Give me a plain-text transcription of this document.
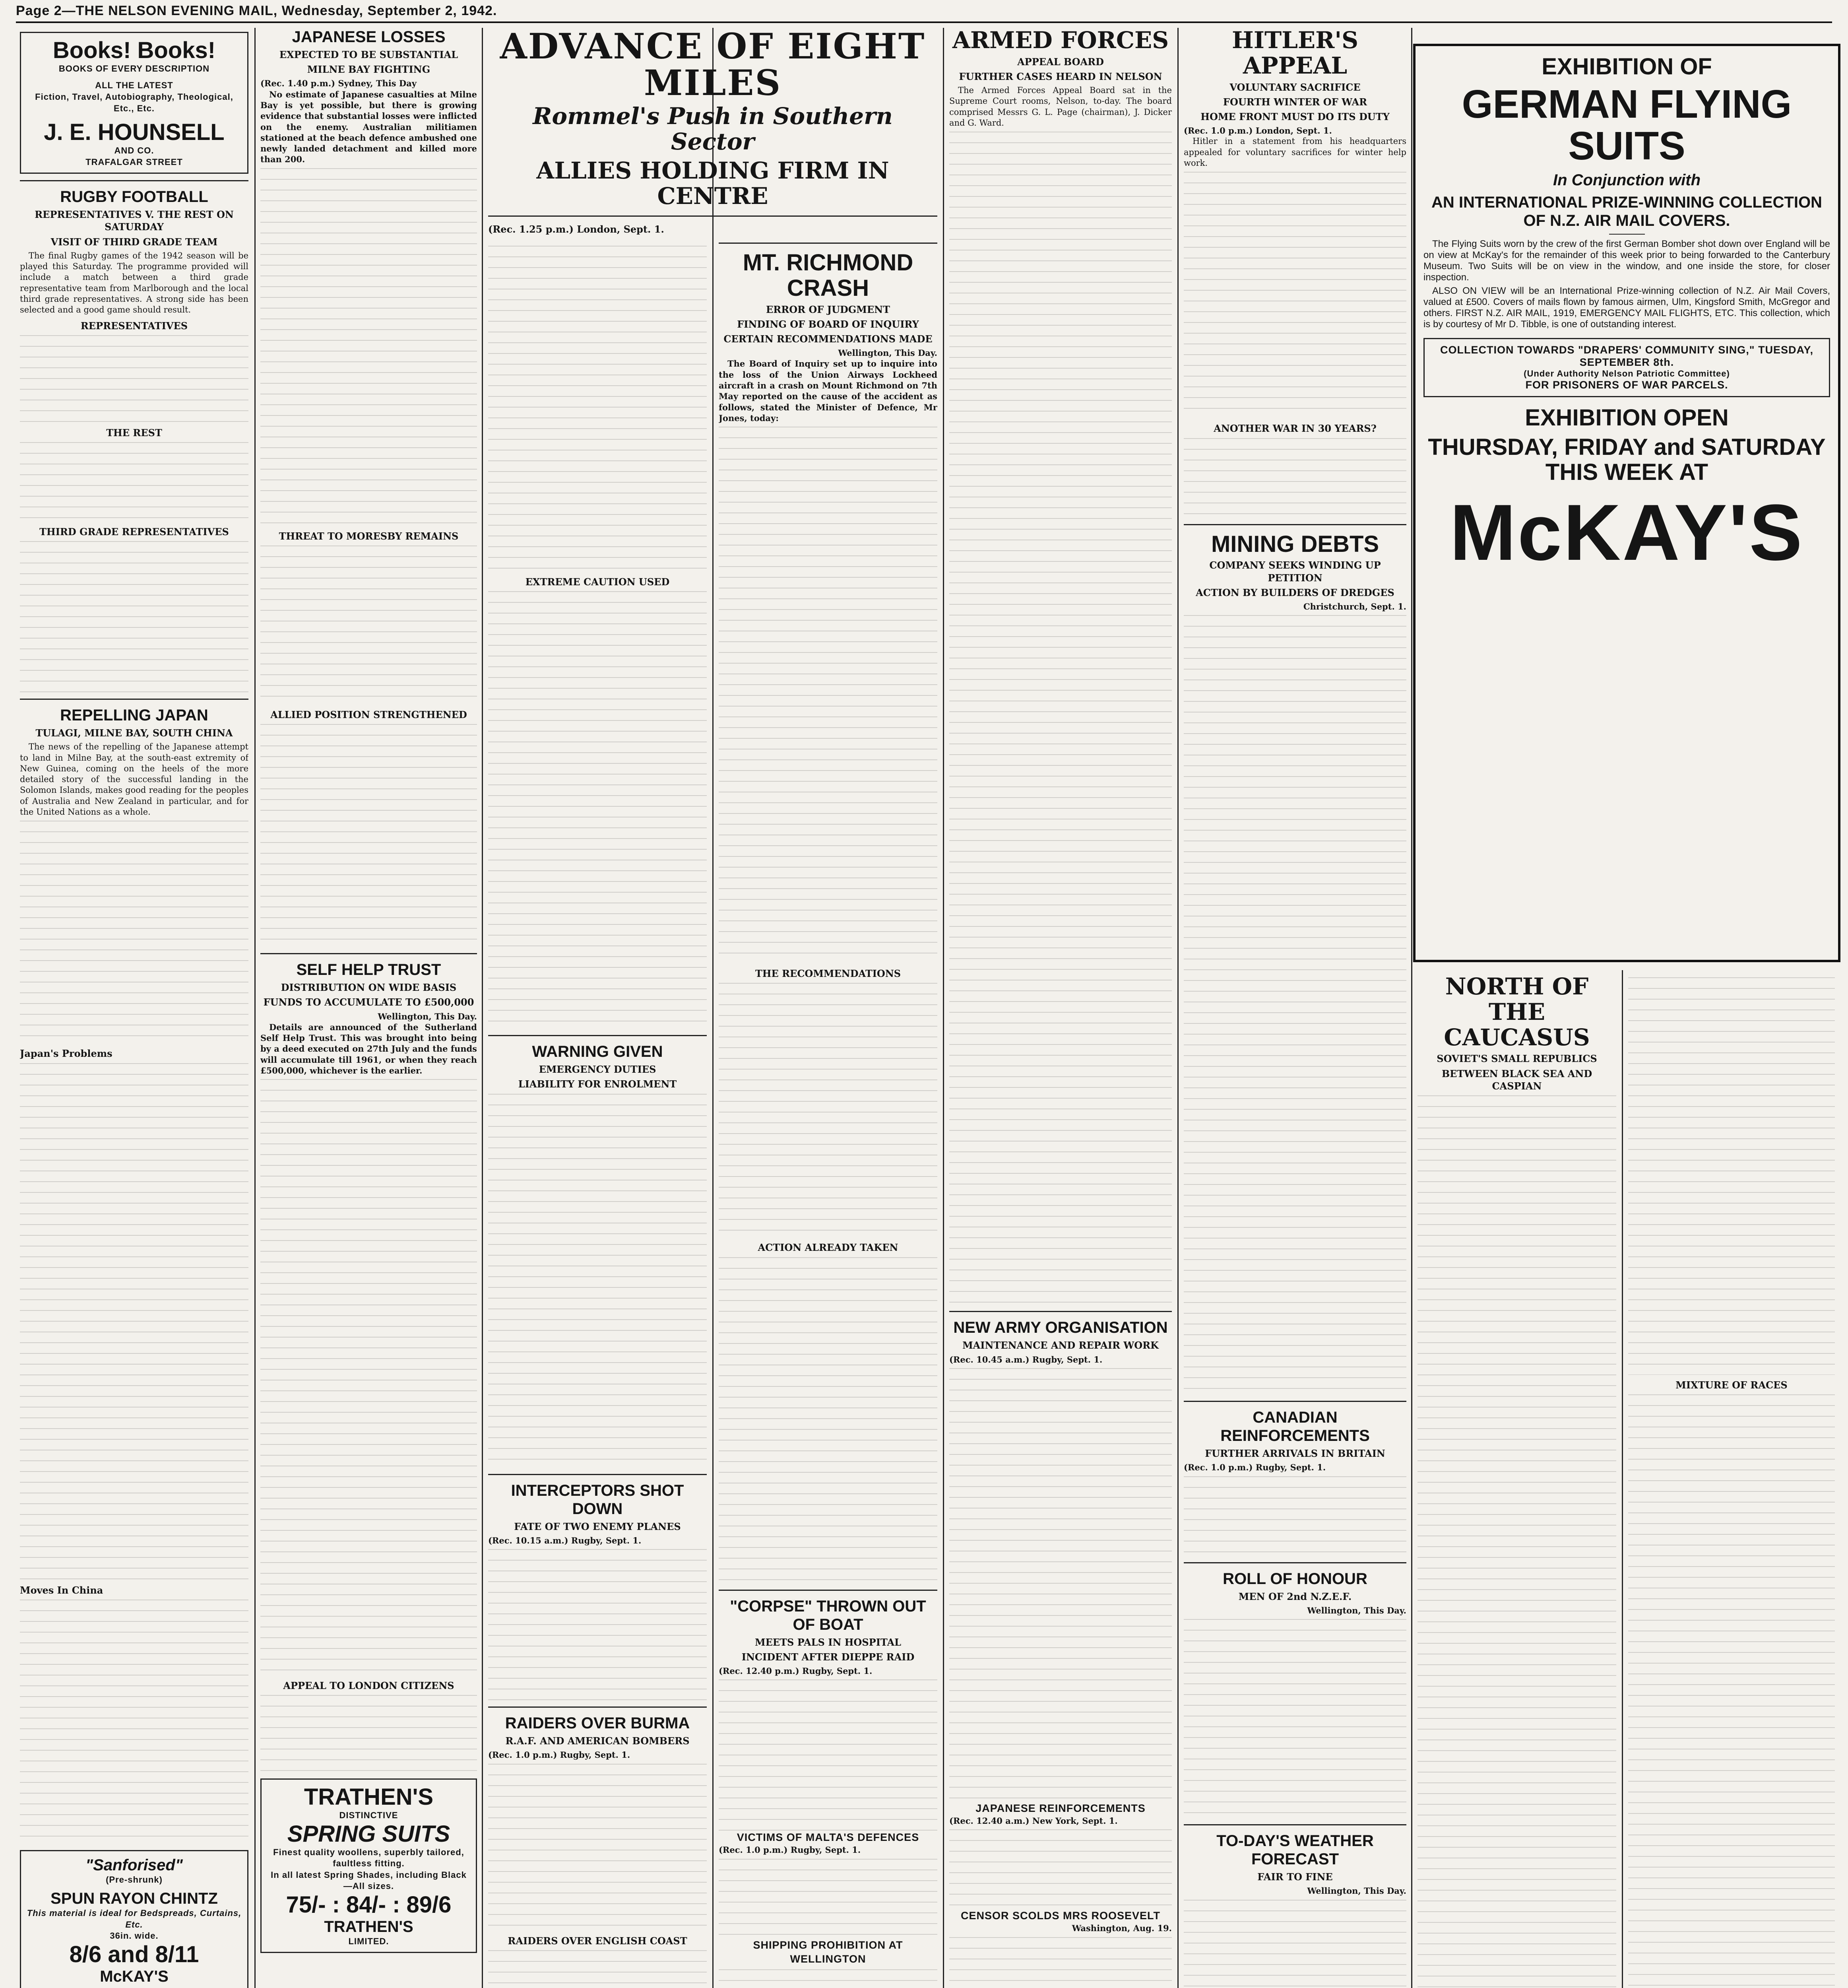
Page 2—THE NELSON EVENING MAIL, Wednesday, September 2, 1942.
Books! Books!
BOOKS OF EVERY DESCRIPTION
ALL THE LATEST
Fiction, Travel, Autobiography, Theological, Etc., Etc.
J. E. HOUNSELL
AND CO.
TRAFALGAR STREET
RUGBY FOOTBALL
REPRESENTATIVES V. THE REST ON SATURDAY
VISIT OF THIRD GRADE TEAM

The final Rugby games of the 1942 season will be played this Saturday. The programme provided will include a match between a third grade representative team from Marlborough and the local third grade representatives. A strong side has been selected and a good game should result.

REPRESENTATIVES
THE REST
THIRD GRADE REPRESENTATIVES
REPELLING JAPAN
TULAGI, MILNE BAY, SOUTH CHINA

The news of the repelling of the Japanese attempt to land in Milne Bay, at the south-east extremity of New Guinea, coming on the heels of the more detailed story of the successful landing in the Solomon Islands, makes good reading for the peoples of Australia and New Zealand in particular, and for the United Nations as a whole.

Japan's Problems
Moves In China
"Sanforised"
(Pre-shrunk)
SPUN RAYON CHINTZ
This material is ideal for Bedspreads, Curtains, Etc.
36in. wide.
8/6 and 8/11
McKAY'S
JAPANESE LOSSES
EXPECTED TO BE SUBSTANTIAL
MILNE BAY FIGHTING
(Rec. 1.40 p.m.) Sydney, This Day

No estimate of Japanese casualties at Milne Bay is yet possible, but there is growing evidence that substantial losses were inflicted on the enemy. Australian militiamen stationed at the beach defence ambushed one newly landed detachment and killed more than 200.

THREAT TO MORESBY REMAINS
ALLIED POSITION STRENGTHENED
SELF HELP TRUST
DISTRIBUTION ON WIDE BASIS
FUNDS TO ACCUMULATE TO £500,000
Wellington, This Day.

Details are announced of the Sutherland Self Help Trust. This was brought into being by a deed executed on 27th July and the funds will accumulate till 1961, or when they reach £500,000, whichever is the earlier.

APPEAL TO LONDON CITIZENS
TRATHEN'S
DISTINCTIVE
SPRING SUITS
Finest quality woollens, superbly tailored, faultless fitting.
In all latest Spring Shades, including Black—All sizes.
75/- : 84/- : 89/6
TRATHEN'S
LIMITED.
ADVANCE OF EIGHT MILES
Rommel's Push in Southern Sector
ALLIES HOLDING FIRM IN CENTRE
(Rec. 1.25 p.m.) London, Sept. 1.

EXTREME CAUTION USED
WARNING GIVEN
EMERGENCY DUTIES
LIABILITY FOR ENROLMENT
INTERCEPTORS SHOT DOWN
FATE OF TWO ENEMY PLANES
(Rec. 10.15 a.m.) Rugby, Sept. 1.
RAIDERS OVER BURMA
R.A.F. AND AMERICAN BOMBERS
(Rec. 1.0 p.m.) Rugby, Sept. 1.
RAIDERS OVER ENGLISH COAST
MT. RICHMOND CRASH
ERROR OF JUDGMENT
FINDING OF BOARD OF INQUIRY
CERTAIN RECOMMENDATIONS MADE
Wellington, This Day.

The Board of Inquiry set up to inquire into the loss of the Union Airways Lockheed aircraft in a crash on Mount Richmond on 7th May reported on the cause of the accident as follows, stated the Minister of Defence, Mr Jones, today:

THE RECOMMENDATIONS
ACTION ALREADY TAKEN
"CORPSE" THROWN OUT OF BOAT
MEETS PALS IN HOSPITAL
INCIDENT AFTER DIEPPE RAID
(Rec. 12.40 p.m.) Rugby, Sept. 1.
VICTIMS OF MALTA'S DEFENCES
(Rec. 1.0 p.m.) Rugby, Sept. 1.
SHIPPING PROHIBITION AT WELLINGTON

ARMED FORCES
APPEAL BOARD
FURTHER CASES HEARD IN NELSON

The Armed Forces Appeal Board sat in the Supreme Court rooms, Nelson, to-day. The board comprised Messrs G. L. Page (chairman), J. Dicker and G. Ward.

NEW ARMY ORGANISATION
MAINTENANCE AND REPAIR WORK
(Rec. 10.45 a.m.) Rugby, Sept. 1.
JAPANESE REINFORCEMENTS
(Rec. 12.40 a.m.) New York, Sept. 1.
CENSOR SCOLDS MRS ROOSEVELT
Washington, Aug. 19.

HITLER'S APPEAL
VOLUNTARY SACRIFICE
FOURTH WINTER OF WAR
HOME FRONT MUST DO ITS DUTY
(Rec. 1.0 p.m.) London, Sept. 1.

Hitler in a statement from his headquarters appealed for voluntary sacrifices for winter help work.

ANOTHER WAR IN 30 YEARS?
MINING DEBTS
COMPANY SEEKS WINDING UP PETITION
ACTION BY BUILDERS OF DREDGES
Christchurch, Sept. 1.
CANADIAN REINFORCEMENTS
FURTHER ARRIVALS IN BRITAIN
(Rec. 1.0 p.m.) Rugby, Sept. 1.
ROLL OF HONOUR
MEN OF 2nd N.Z.E.F.
Wellington, This Day.
TO-DAY'S WEATHER FORECAST
FAIR TO FINE
Wellington, This Day.
EXHIBITION OF
GERMAN FLYING SUITS
In Conjunction with
AN INTERNATIONAL PRIZE-WINNING COLLECTION OF N.Z. AIR MAIL COVERS.

The Flying Suits worn by the crew of the first German Bomber shot down over England will be on view at McKay's for the remainder of this week prior to being forwarded to the Canterbury Museum. Two Suits will be on view in the window, and one inside the store, for closer inspection.

ALSO ON VIEW will be an International Prize-winning collection of N.Z. Air Mail Covers, valued at £500. Covers of mails flown by famous airmen, Ulm, Kingsford Smith, McGregor and others. FIRST N.Z. AIR MAIL, 1919, EMERGENCY MAIL FLIGHTS, ETC. This collection, which is by courtesy of Mr D. Tibble, is one of outstanding interest.

COLLECTION TOWARDS "DRAPERS' COMMUNITY SING," TUESDAY, SEPTEMBER 8th.
(Under Authority Nelson Patriotic Committee)
FOR PRISONERS OF WAR PARCELS.
EXHIBITION OPEN
THURSDAY, FRIDAY and SATURDAY
THIS WEEK AT
McKAY'S
NORTH OF THE CAUCASUS
SOVIET'S SMALL REPUBLICS
BETWEEN BLACK SEA AND CASPIAN
MIXTURE OF RACES
